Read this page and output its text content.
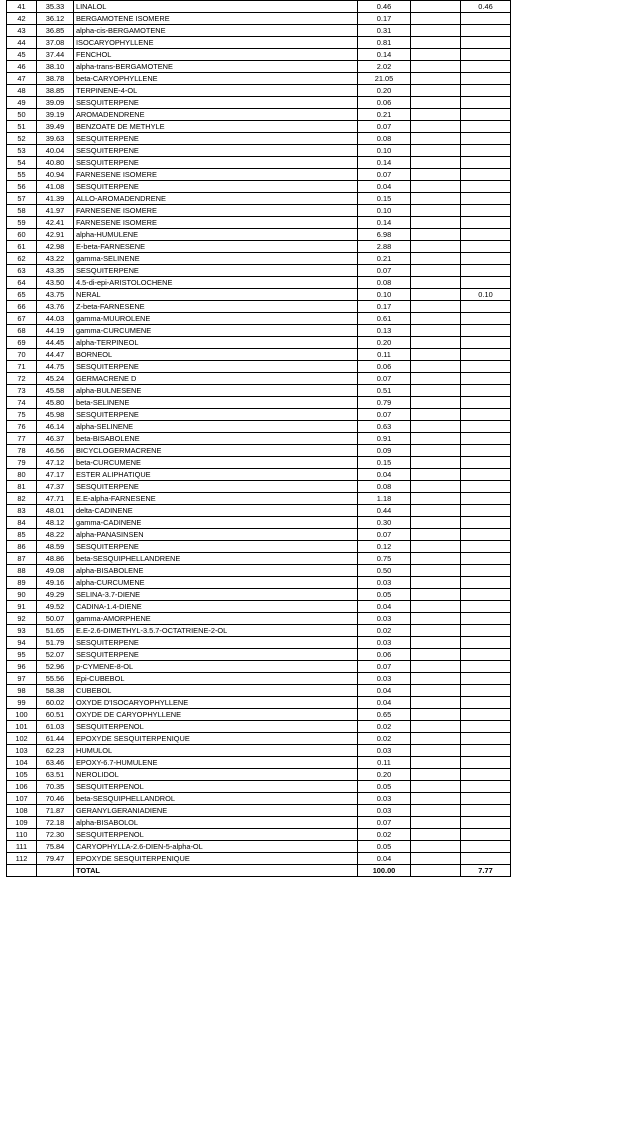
41	35.33	LINALOL	0.46		0.46
42	36.12	BERGAMOTENE ISOMERE	0.17		
43	36.85	alpha-cis-BERGAMOTENE	0.31		
44	37.08	ISOCARYOPHYLLENE	0.81		
45	37.44	FENCHOL	0.14		
46	38.10	alpha-trans-BERGAMOTENE	2.02		
47	38.78	beta-CARYOPHYLLENE	21.05		
48	38.85	TERPINENE-4-OL	0.20		
49	39.09	SESQUITERPENE	0.06		
50	39.19	AROMADENDRENE	0.21		
51	39.49	BENZOATE DE METHYLE	0.07		
52	39.63	SESQUITERPENE	0.08		
53	40.04	SESQUITERPENE	0.10		
54	40.80	SESQUITERPENE	0.14		
55	40.94	FARNESENE ISOMERE	0.07		
56	41.08	SESQUITERPENE	0.04		
57	41.39	ALLO-AROMADENDRENE	0.15		
58	41.97	FARNESENE ISOMERE	0.10		
59	42.41	FARNESENE ISOMERE	0.14		
60	42.91	alpha-HUMULENE	6.98		
61	42.98	E-beta-FARNESENE	2.88		
62	43.22	gamma-SELINENE	0.21		
63	43.35	SESQUITERPENE	0.07		
64	43.50	4.5-di-epi-ARISTOLOCHENE	0.08		
65	43.75	NERAL	0.10		0.10
66	43.76	Z-beta-FARNESENE	0.17		
67	44.03	gamma-MUUROLENE	0.61		
68	44.19	gamma-CURCUMENE	0.13		
69	44.45	alpha-TERPINEOL	0.20		
70	44.47	BORNEOL	0.11		
71	44.75	SESQUITERPENE	0.06		
72	45.24	GERMACRENE D	0.07		
73	45.58	alpha-BULNESENE	0.51		
74	45.80	beta-SELINENE	0.79		
75	45.98	SESQUITERPENE	0.07		
76	46.14	alpha-SELINENE	0.63		
77	46.37	beta-BISABOLENE	0.91		
78	46.56	BICYCLOGERMACRENE	0.09		
79	47.12	beta-CURCUMENE	0.15		
80	47.17	ESTER ALIPHATIQUE	0.04		
81	47.37	SESQUITERPENE	0.08		
82	47.71	E.E-alpha-FARNESENE	1.18		
83	48.01	delta-CADINENE	0.44		
84	48.12	gamma-CADINENE	0.30		
85	48.22	alpha-PANASINSEN	0.07		
86	48.59	SESQUITERPENE	0.12		
87	48.86	beta-SESQUIPHELLANDRENE	0.75		
88	49.08	alpha-BISABOLENE	0.50		
89	49.16	alpha-CURCUMENE	0.03		
90	49.29	SELINA-3.7-DIENE	0.05		
91	49.52	CADINA-1.4-DIENE	0.04		
92	50.07	gamma-AMORPHENE	0.03		
93	51.65	E.E-2.6-DIMETHYL-3.5.7-OCTATRIENE-2-OL	0.02		
94	51.79	SESQUITERPENE	0.03		
95	52.07	SESQUITERPENE	0.06		
96	52.96	p-CYMENE-8-OL	0.07		
97	55.56	Epi-CUBEBOL	0.03		
98	58.38	CUBEBOL	0.04		
99	60.02	OXYDE D'ISOCARYOPHYLLENE	0.04		
100	60.51	OXYDE DE CARYOPHYLLENE	0.65		
101	61.03	SESQUITERPENOL	0.02		
102	61.44	EPOXYDE SESQUITERPENIQUE	0.02		
103	62.23	HUMULOL	0.03		
104	63.46	EPOXY-6.7-HUMULENE	0.11		
105	63.51	NEROLIDOL	0.20		
106	70.35	SESQUITERPENOL	0.05		
107	70.46	beta-SESQUIPHELLANDROL	0.03		
108	71.87	GERANYLGERANIADIENE	0.03		
109	72.18	alpha-BISABOLOL	0.07		
110	72.30	SESQUITERPENOL	0.02		
111	75.84	CARYOPHYLLA-2.6-DIEN-5-alpha-OL	0.05		
112	79.47	EPOXYDE SESQUITERPENIQUE	0.04		
		TOTAL	100.00		7.77
